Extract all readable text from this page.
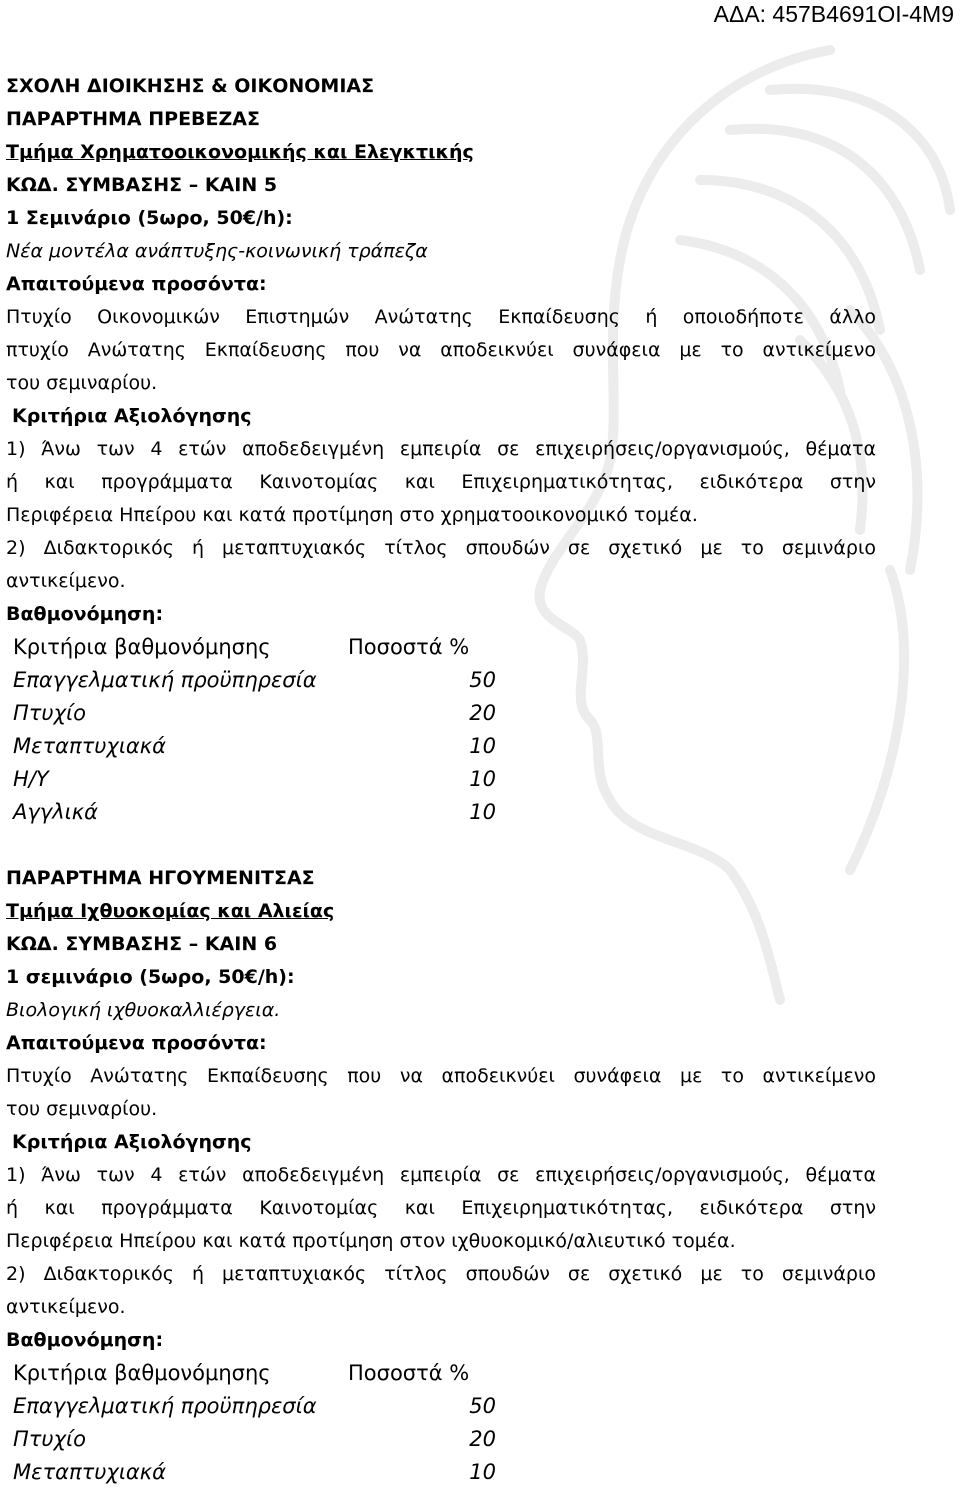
ΑΔΑ: 457Β4691ΟΙ-4Μ9

ΣΧΟΛΗ ΔΙΟΙΚΗΣΗΣ & ΟΙΚΟΝΟΜΙΑΣ

ΠΑΡΑΡΤΗΜΑ ΠΡΕΒΕΖΑΣ

Τμήμα Χρηματοοικονομικής και Ελεγκτικής

ΚΩΔ. ΣΥΜΒΑΣΗΣ – ΚΑΙΝ 5

1 Σεμινάριο (5ωρο, 50€/h):

Νέα μοντέλα ανάπτυξης-κοινωνική τράπεζα

Απαιτούμενα προσόντα:

Πτυχίο Οικονομικών Επιστημών Ανώτατης Εκπαίδευσης ή οποιοδήποτε άλλο

πτυχίο Ανώτατης Εκπαίδευσης που να αποδεικνύει συνάφεια με το αντικείμενο

του σεμιναρίου.

Κριτήρια Αξιολόγησης

1) Άνω των 4 ετών αποδεδειγμένη εμπειρία σε επιχειρήσεις/οργανισμούς, θέματα

ή και προγράμματα Καινοτομίας και Επιχειρηματικότητας, ειδικότερα στην

Περιφέρεια Ηπείρου και κατά προτίμηση στο χρηματοοικονομικό τομέα.

2) Διδακτορικός ή μεταπτυχιακός τίτλος σπουδών σε σχετικό με το σεμινάριο

αντικείμενο.

Βαθμονόμηση:

Κριτήρια βαθμονόμησης	Ποσοστά %
Επαγγελματική προϋπηρεσία	50
Πτυχίο	20
Μεταπτυχιακά	10
Η/Υ	10
Αγγλικά	10

ΠΑΡΑΡΤΗΜΑ ΗΓΟΥΜΕΝΙΤΣΑΣ

Τμήμα Ιχθυοκομίας και Αλιείας

ΚΩΔ. ΣΥΜΒΑΣΗΣ – ΚΑΙΝ 6

1 σεμινάριο (5ωρο, 50€/h):

Βιολογική ιχθυοκαλλιέργεια.

Απαιτούμενα προσόντα:

Πτυχίο Ανώτατης Εκπαίδευσης που να αποδεικνύει συνάφεια με το αντικείμενο

του σεμιναρίου.

Κριτήρια Αξιολόγησης

1) Άνω των 4 ετών αποδεδειγμένη εμπειρία σε επιχειρήσεις/οργανισμούς, θέματα

ή και προγράμματα Καινοτομίας και Επιχειρηματικότητας, ειδικότερα στην

Περιφέρεια Ηπείρου και κατά προτίμηση στον ιχθυοκομικό/αλιευτικό τομέα.

2) Διδακτορικός ή μεταπτυχιακός τίτλος σπουδών σε σχετικό με το σεμινάριο

αντικείμενο.

Βαθμονόμηση:

Κριτήρια βαθμονόμησης	Ποσοστά %
Επαγγελματική προϋπηρεσία	50
Πτυχίο	20
Μεταπτυχιακά	10
